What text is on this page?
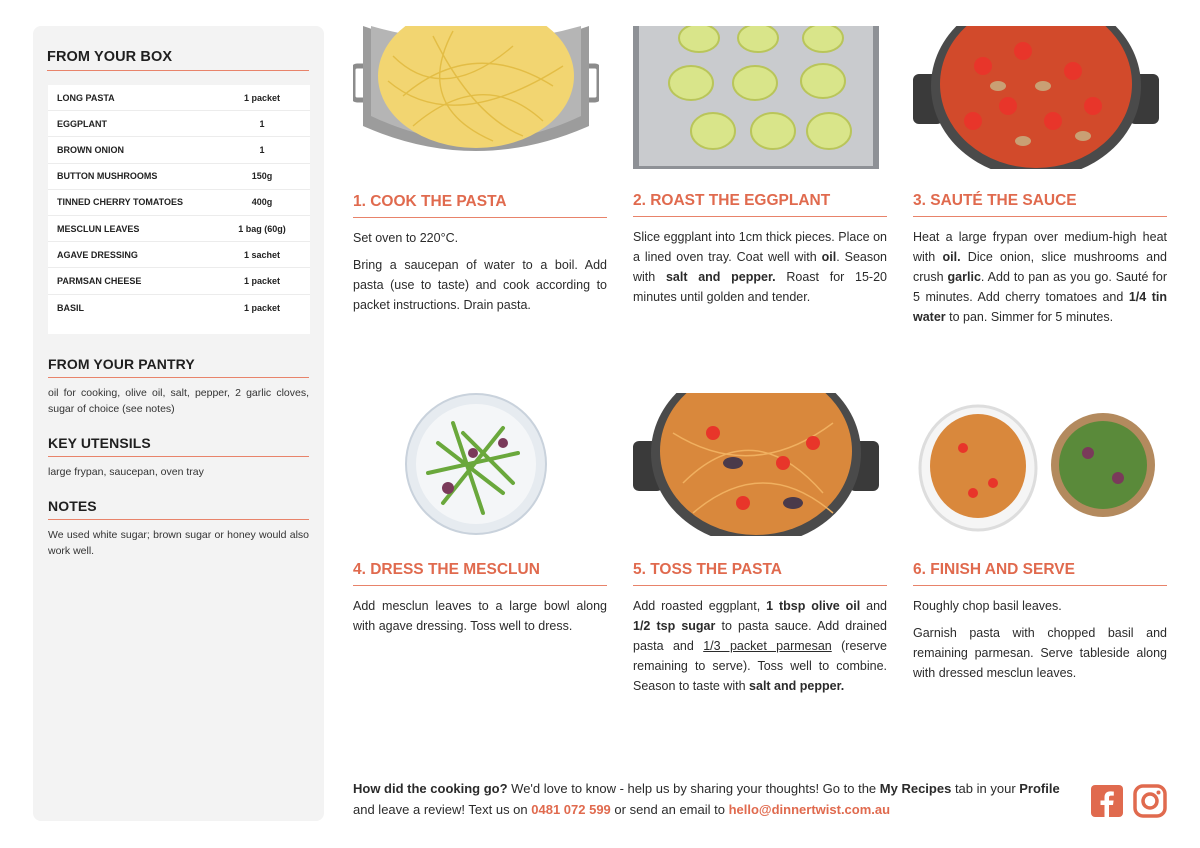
FROM YOUR BOX
LONG PASTA	1 packet
EGGPLANT	1
BROWN ONION	1
BUTTON MUSHROOMS	150g
TINNED CHERRY TOMATOES	400g
MESCLUN LEAVES	1 bag (60g)
AGAVE DRESSING	1 sachet
PARMSAN CHEESE	1 packet
BASIL	1 packet
FROM YOUR PANTRY

oil for cooking, olive oil, salt, pepper, 2 garlic cloves, sugar of choice (see notes)

KEY UTENSILS

large frypan, saucepan, oven tray

NOTES

We used white sugar; brown sugar or honey would also work well.

1. COOK THE PASTA

Set oven to 220°C.

Bring a saucepan of water to a boil. Add pasta (use to taste) and cook according to packet instructions. Drain pasta.

2. ROAST THE EGGPLANT

Slice eggplant into 1cm thick pieces. Place on a lined oven tray. Coat well with oil. Season with salt and pepper. Roast for 15-20 minutes until golden and tender.

3. SAUTÉ THE SAUCE

Heat a large frypan over medium-high heat with oil. Dice onion, slice mushrooms and crush garlic. Add to pan as you go. Sauté for 5 minutes. Add cherry tomatoes and 1/4 tin water to pan. Simmer for 5 minutes.

4. DRESS THE MESCLUN

Add mesclun leaves to a large bowl along with agave dressing. Toss well to dress.

5. TOSS THE PASTA

Add roasted eggplant, 1 tbsp olive oil and 1/2 tsp sugar to pasta sauce. Add drained pasta and 1/3 packet parmesan (reserve remaining to serve). Toss well to combine. Season to taste with salt and pepper.

6. FINISH AND SERVE

Roughly chop basil leaves.

Garnish pasta with chopped basil and remaining parmesan. Serve tableside along with dressed mesclun leaves.

How did the cooking go? We'd love to know - help us by sharing your thoughts! Go to the My Recipes tab in your Profile and leave a review! Text us on 0481 072 599 or send an email to hello@dinnertwist.com.au
